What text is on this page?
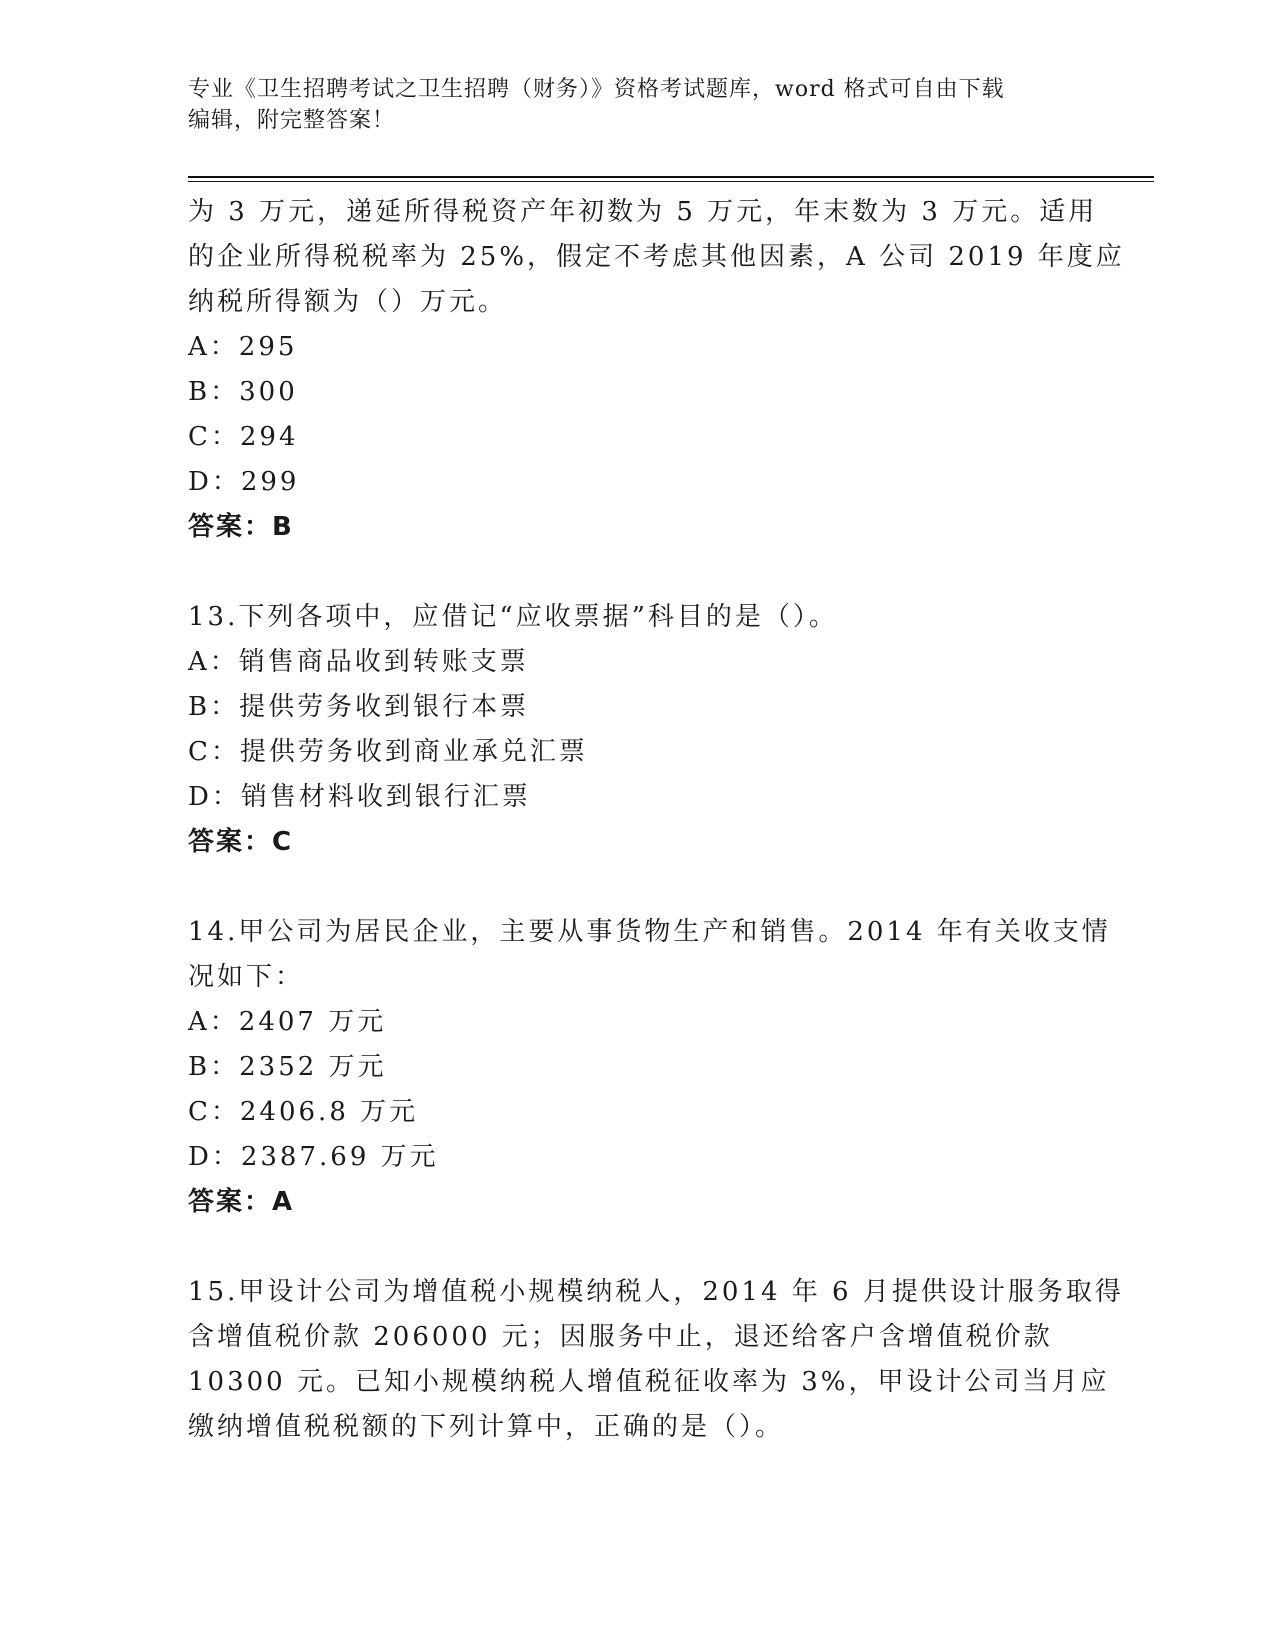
专业《卫生招聘考试之卫生招聘（财务）》资格考试题库，word 格式可自由下载
编辑，附完整答案！
为 3 万元，递延所得税资产年初数为 5 万元，年末数为 3 万元。适用
的企业所得税税率为 25%，假定不考虑其他因素，A 公司 2019 年度应
纳税所得额为（）万元。
A：295
B：300
C：294
D：299
答案：B
13.下列各项中，应借记“应收票据”科目的是（）。
A：销售商品收到转账支票
B：提供劳务收到银行本票
C：提供劳务收到商业承兑汇票
D：销售材料收到银行汇票
答案：C
14.甲公司为居民企业，主要从事货物生产和销售。2014 年有关收支情
况如下：
A：2407 万元
B：2352 万元
C：2406.8 万元
D：2387.69 万元
答案：A
15.甲设计公司为增值税小规模纳税人，2014 年 6 月提供设计服务取得
含增值税价款 206000 元；因服务中止，退还给客户含增值税价款
10300 元。已知小规模纳税人增值税征收率为 3%，甲设计公司当月应
缴纳增值税税额的下列计算中，正确的是（）。
